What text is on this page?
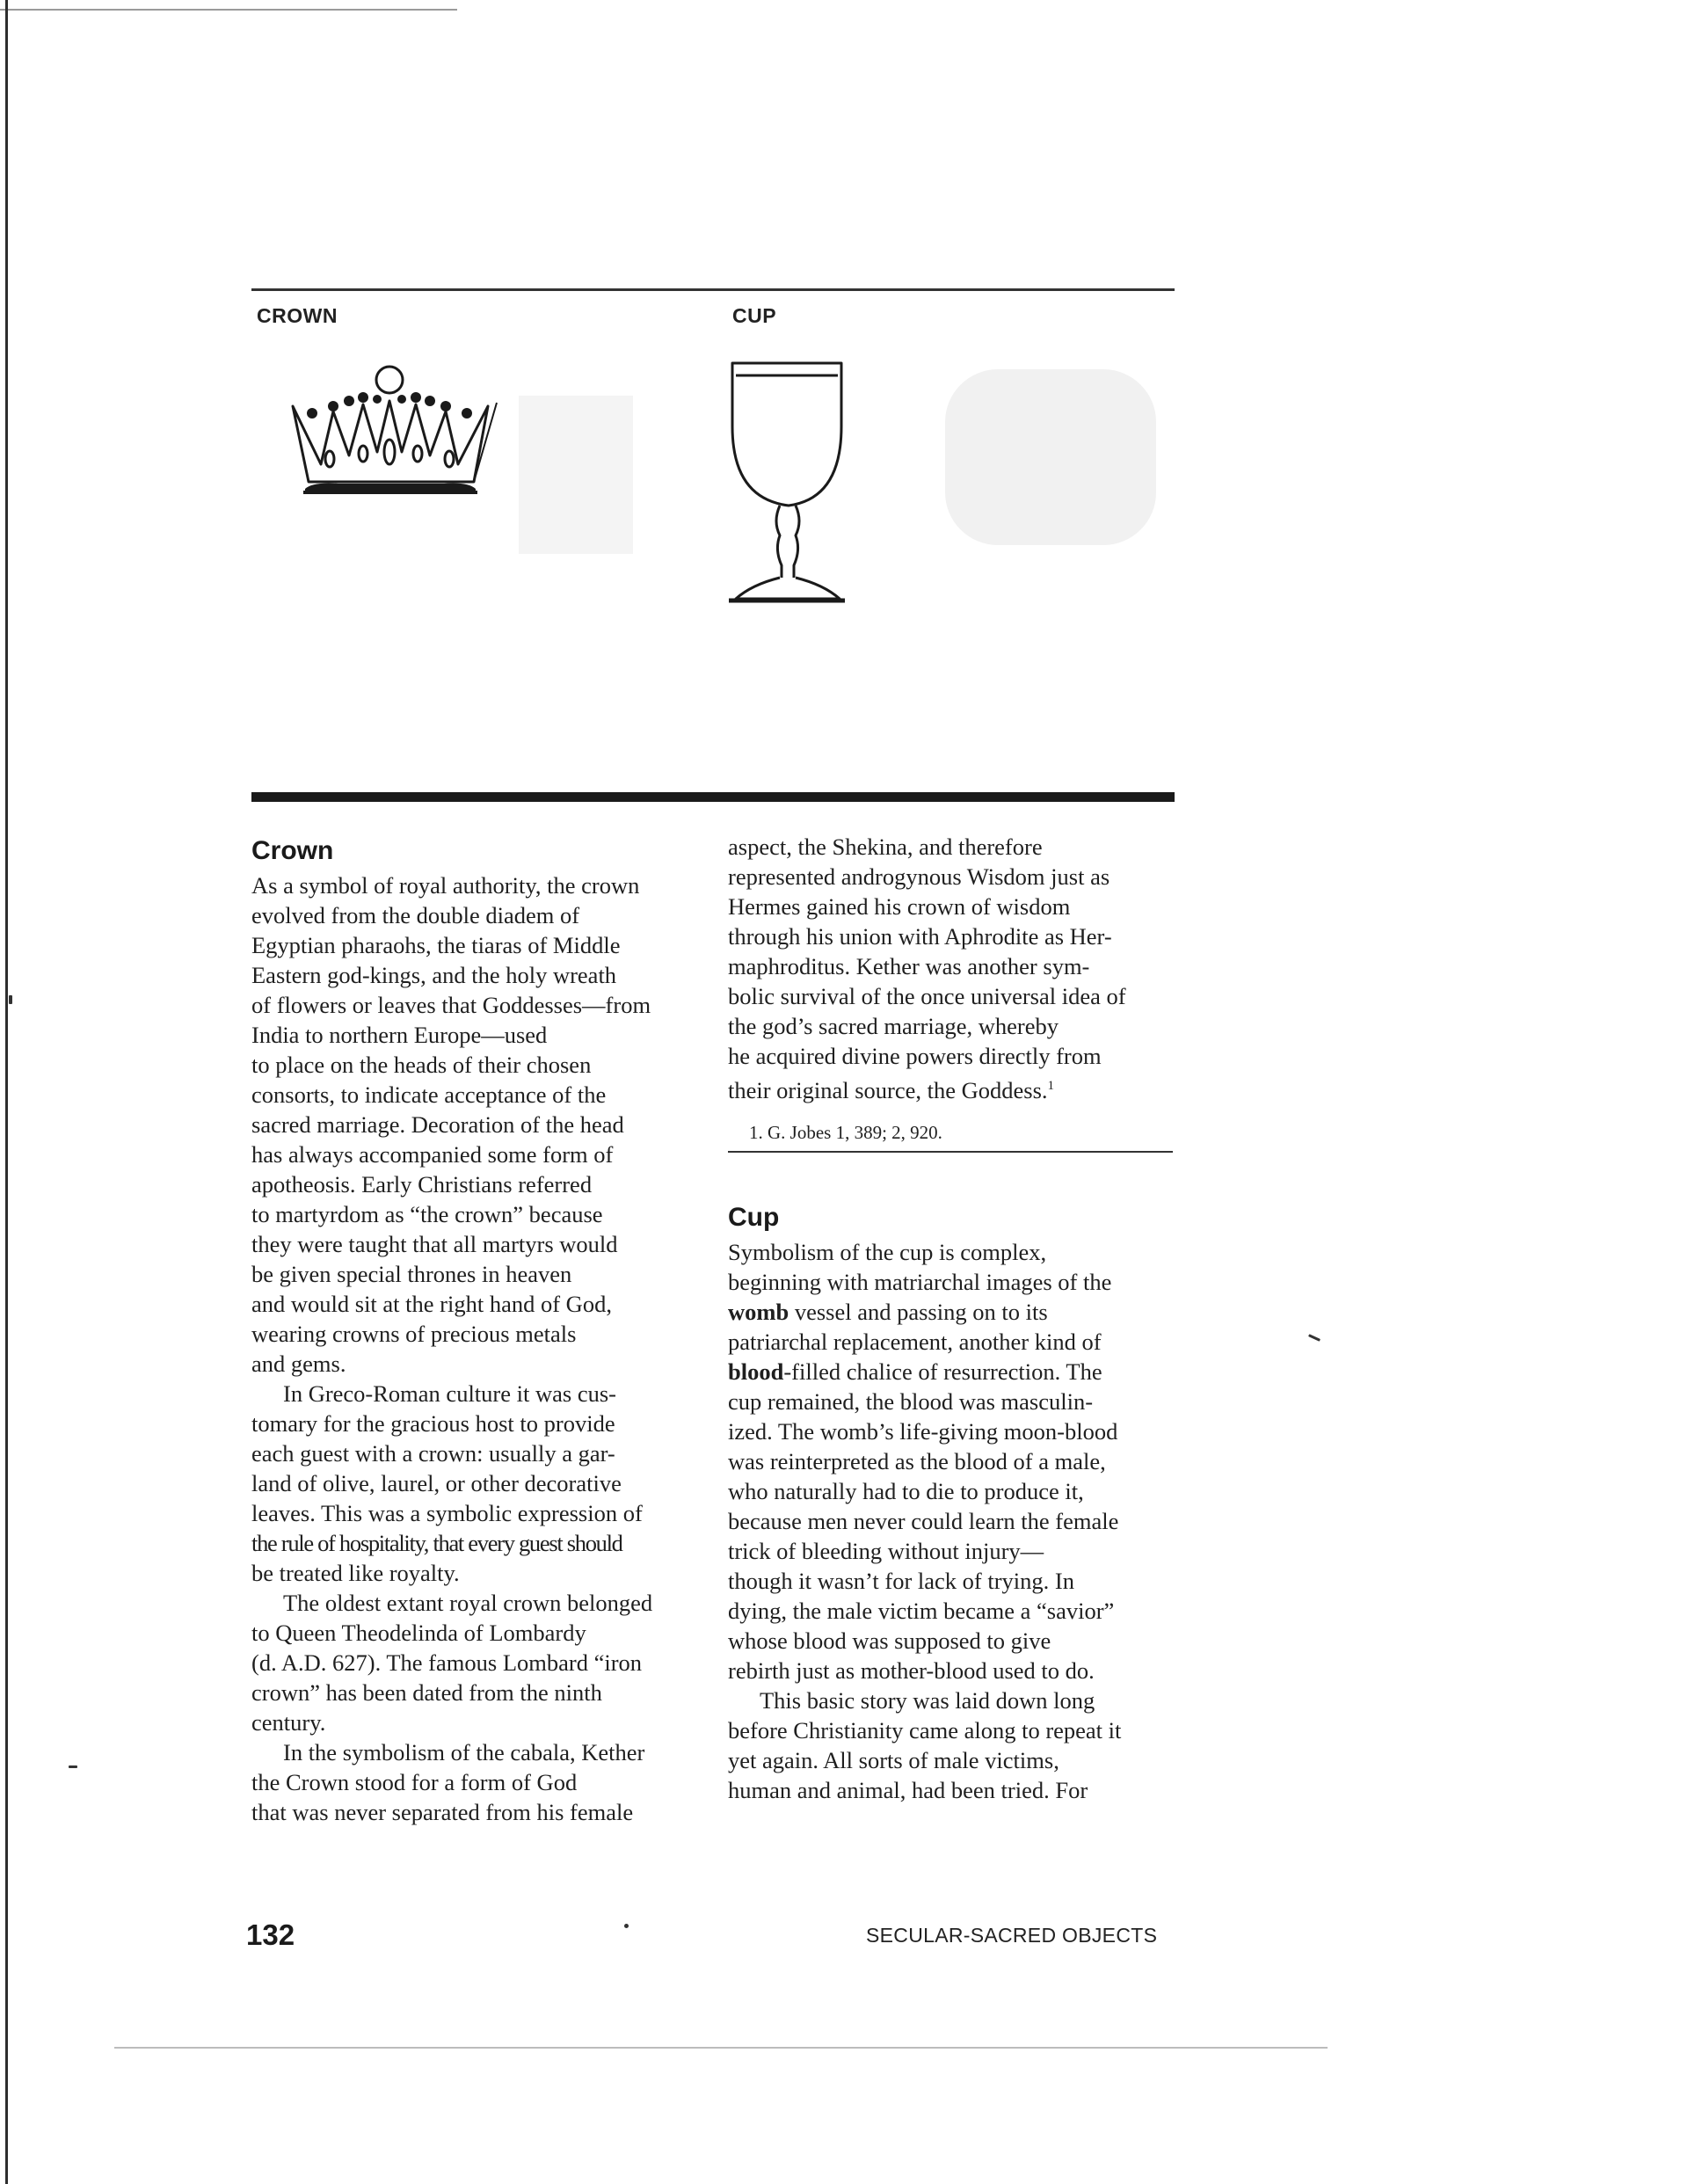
CROWN	CUP
Crown
As a symbol of royal authority, the crown
evolved from the double diadem of
Egyptian pharaohs, the tiaras of Middle
Eastern god-kings, and the holy wreath
of flowers or leaves that Goddesses—from
India to northern Europe—used
to place on the heads of their chosen
consorts, to indicate acceptance of the
sacred marriage. Decoration of the head
has always accompanied some form of
apotheosis. Early Christians referred
to martyrdom as “the crown” because
they were taught that all martyrs would
be given special thrones in heaven
and would sit at the right hand of God,
wearing crowns of precious metals
and gems.
In Greco-Roman culture it was cus-
tomary for the gracious host to provide
each guest with a crown: usually a gar-
land of olive, laurel, or other decorative
leaves. This was a symbolic expression of
the rule of hospitality, that every guest should
be treated like royalty.
The oldest extant royal crown belonged
to Queen Theodelinda of Lombardy
(d. A.D. 627). The famous Lombard “iron
crown” has been dated from the ninth
century.
In the symbolism of the cabala, Kether
the Crown stood for a form of God
that was never separated from his female
aspect, the Shekina, and therefore
represented androgynous Wisdom just as
Hermes gained his crown of wisdom
through his union with Aphrodite as Her-
maphroditus. Kether was another sym-
bolic survival of the once universal idea of
the god’s sacred marriage, whereby
he acquired divine powers directly from
their original source, the Goddess.$^1$
1. G. Jobes 1, 389; 2, 920.
Cup
Symbolism of the cup is complex,
beginning with matriarchal images of the
womb vessel and passing on to its
patriarchal replacement, another kind of
blood-filled chalice of resurrection. The
cup remained, the blood was masculin-
ized. The womb’s life-giving moon-blood
was reinterpreted as the blood of a male,
who naturally had to die to produce it,
because men never could learn the female
trick of bleeding without injury—
though it wasn’t for lack of trying. In
dying, the male victim became a “savior”
whose blood was supposed to give
rebirth just as mother-blood used to do.
This basic story was laid down long
before Christianity came along to repeat it
yet again. All sorts of male victims,
human and animal, had been tried. For
132	SECULAR-SACRED OBJECTS
